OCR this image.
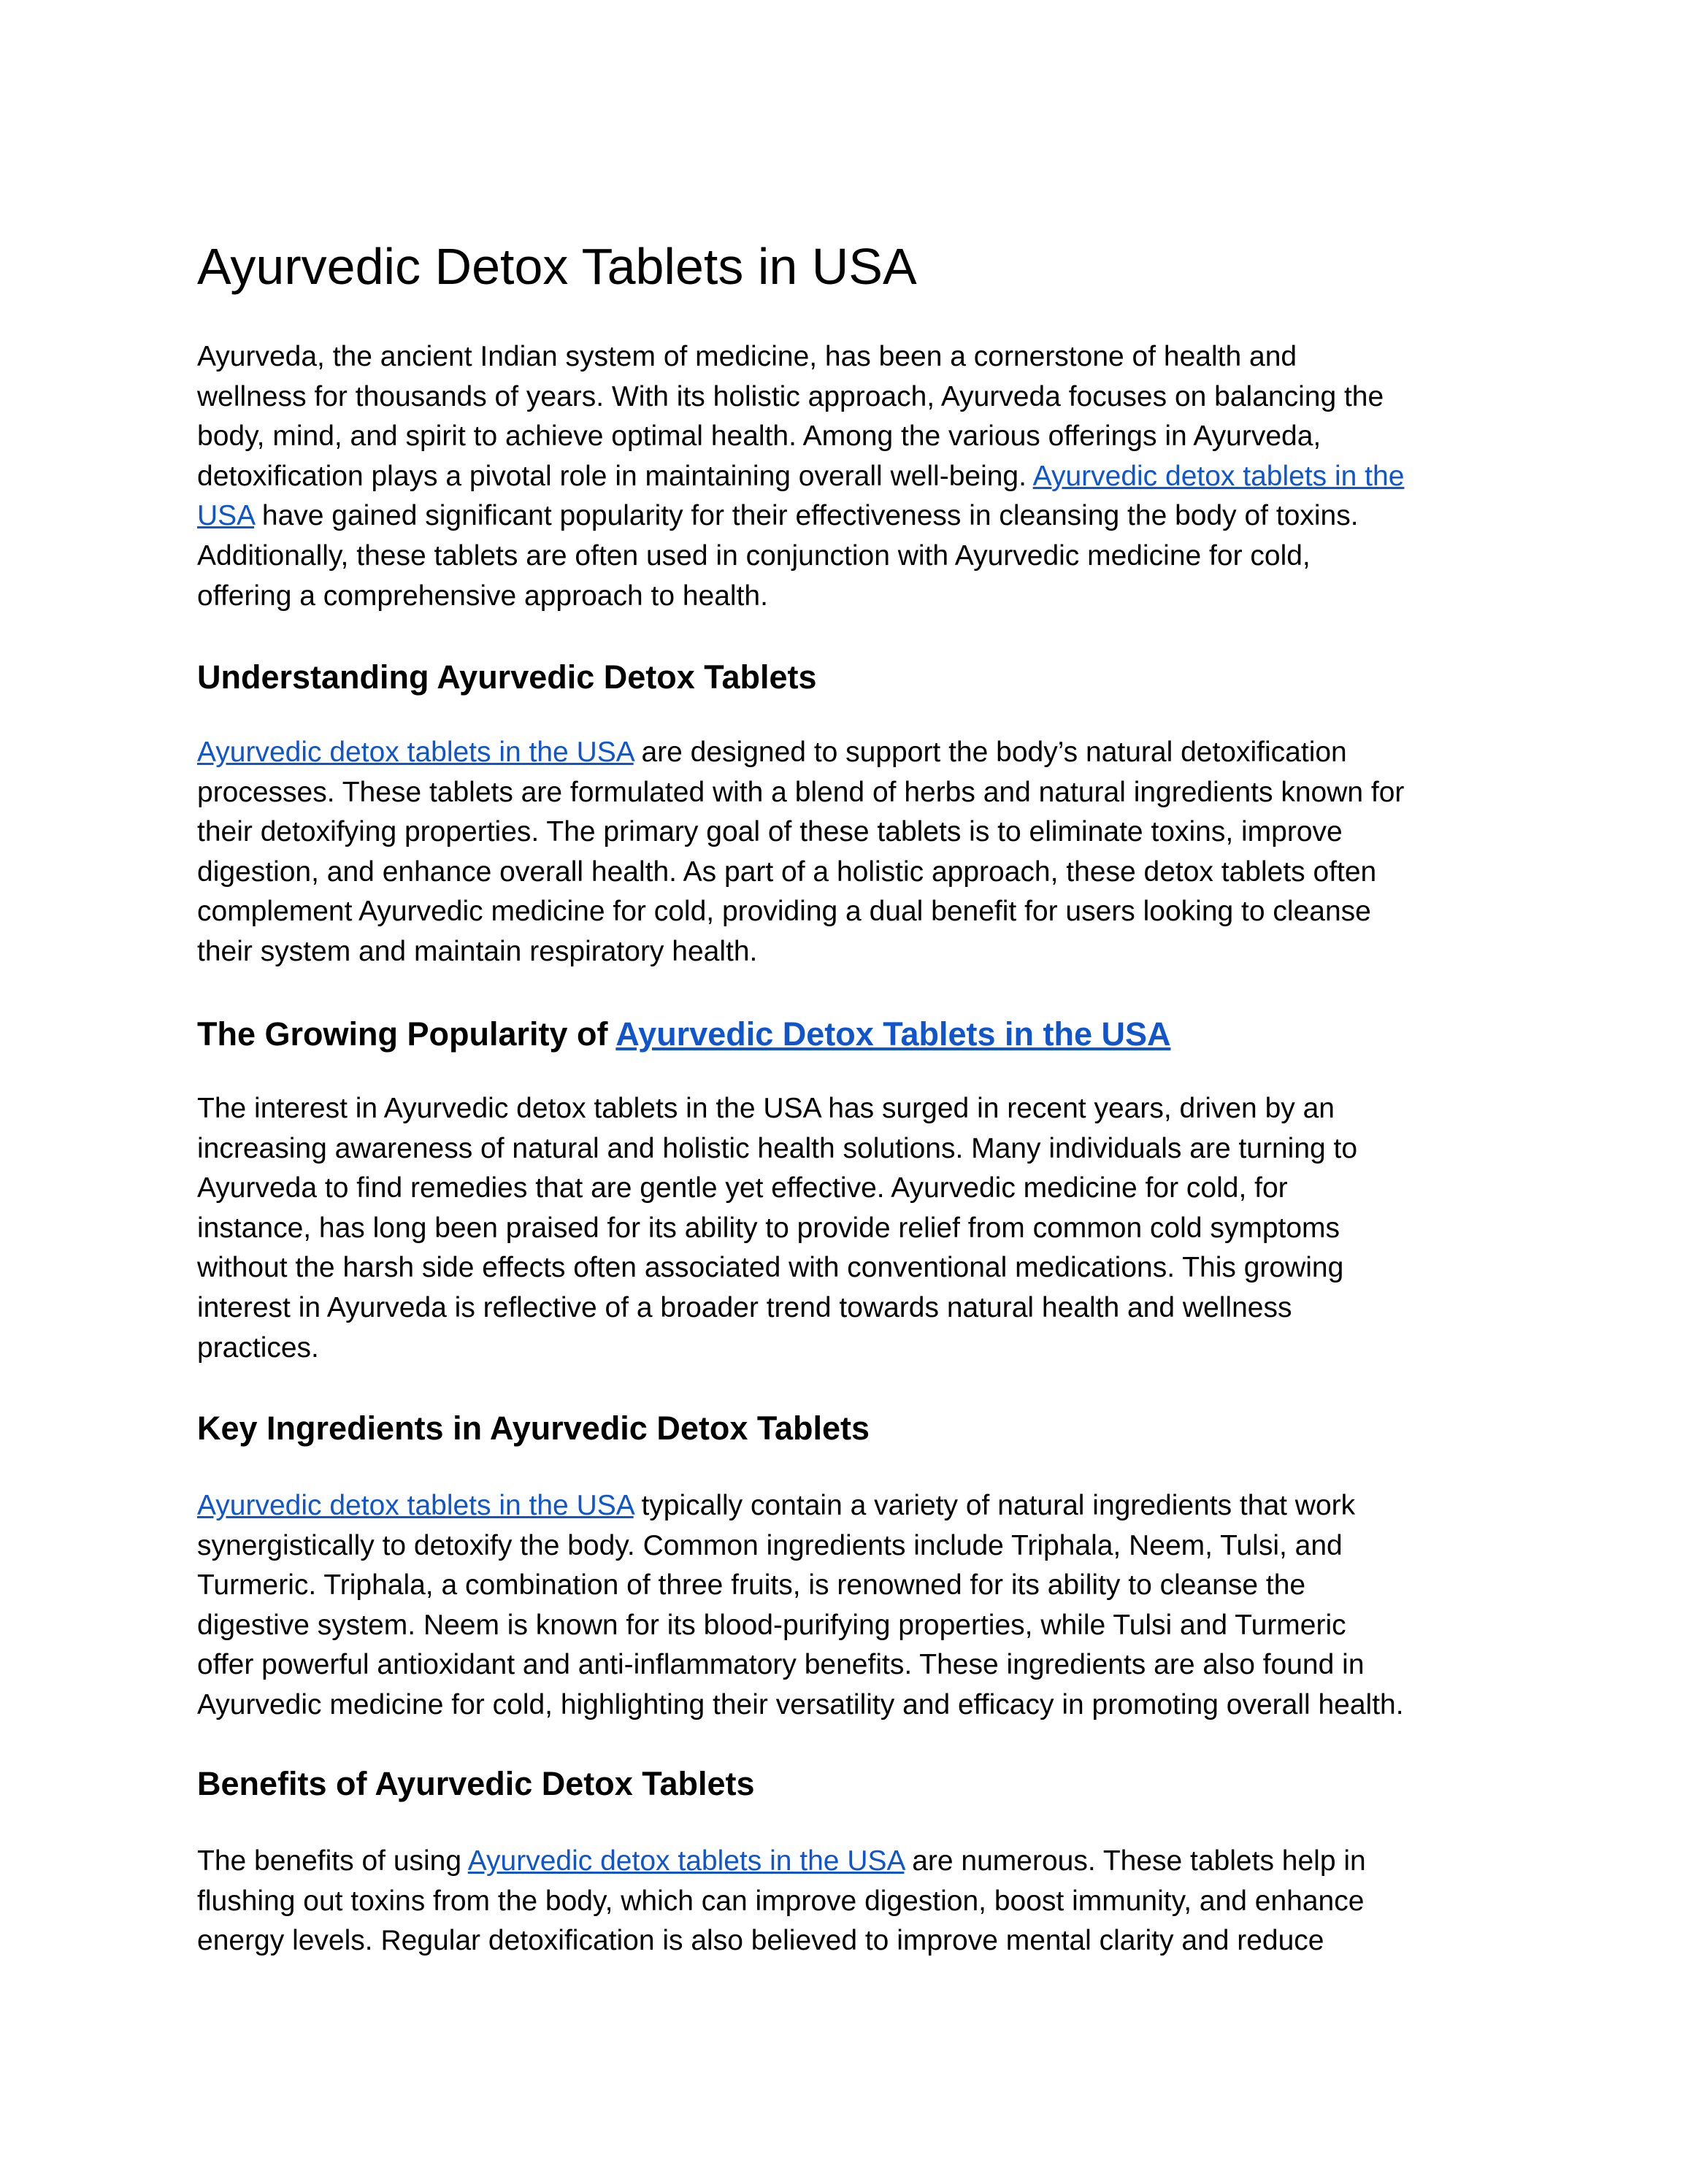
Ayurvedic Detox Tablets in USA
Understanding Ayurvedic Detox Tablets
The Growing Popularity of Ayurvedic Detox Tablets in the USA
Key Ingredients in Ayurvedic Detox Tablets
Benefits of Ayurvedic Detox Tablets
Ayurveda, the ancient Indian system of medicine, has been a cornerstone of health and
wellness for thousands of years. With its holistic approach, Ayurveda focuses on balancing the
body, mind, and spirit to achieve optimal health. Among the various offerings in Ayurveda,
detoxification plays a pivotal role in maintaining overall well-being. Ayurvedic detox tablets in the
USA have gained significant popularity for their effectiveness in cleansing the body of toxins.
Additionally, these tablets are often used in conjunction with Ayurvedic medicine for cold,
offering a comprehensive approach to health.
Ayurvedic detox tablets in the USA are designed to support the body’s natural detoxification
processes. These tablets are formulated with a blend of herbs and natural ingredients known for
their detoxifying properties. The primary goal of these tablets is to eliminate toxins, improve
digestion, and enhance overall health. As part of a holistic approach, these detox tablets often
complement Ayurvedic medicine for cold, providing a dual benefit for users looking to cleanse
their system and maintain respiratory health.
The interest in Ayurvedic detox tablets in the USA has surged in recent years, driven by an
increasing awareness of natural and holistic health solutions. Many individuals are turning to
Ayurveda to find remedies that are gentle yet effective. Ayurvedic medicine for cold, for
instance, has long been praised for its ability to provide relief from common cold symptoms
without the harsh side effects often associated with conventional medications. This growing
interest in Ayurveda is reflective of a broader trend towards natural health and wellness
practices.
Ayurvedic detox tablets in the USA typically contain a variety of natural ingredients that work
synergistically to detoxify the body. Common ingredients include Triphala, Neem, Tulsi, and
Turmeric. Triphala, a combination of three fruits, is renowned for its ability to cleanse the
digestive system. Neem is known for its blood-purifying properties, while Tulsi and Turmeric
offer powerful antioxidant and anti-inflammatory benefits. These ingredients are also found in
Ayurvedic medicine for cold, highlighting their versatility and efficacy in promoting overall health.
The benefits of using Ayurvedic detox tablets in the USA are numerous. These tablets help in
flushing out toxins from the body, which can improve digestion, boost immunity, and enhance
energy levels. Regular detoxification is also believed to improve mental clarity and reduce
